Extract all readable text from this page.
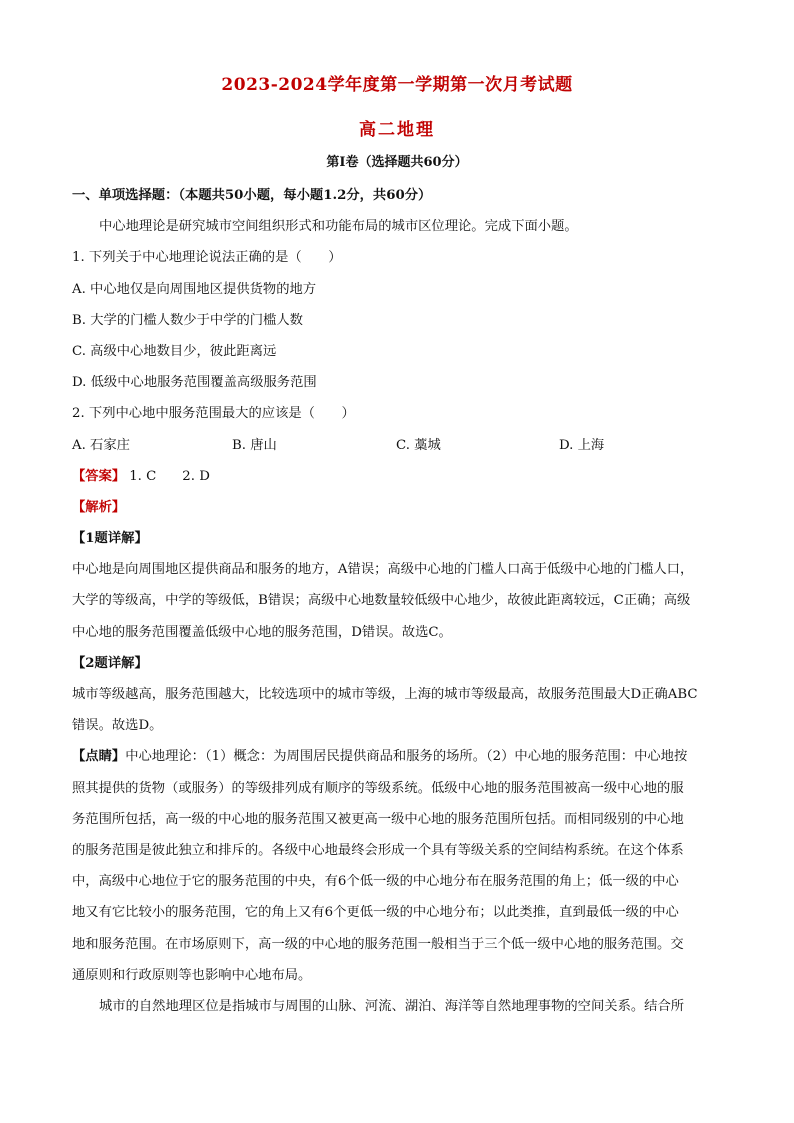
2023-2024学年度第一学期第一次月考试题
高二地理
第Ⅰ卷（选择题共60分）
一、单项选择题：（本题共50小题，每小题1.2分，共60分）
中心地理论是研究城市空间组织形式和功能布局的城市区位理论。完成下面小题。
1. 下列关于中心地理论说法正确的是（　　）
A. 中心地仅是向周围地区提供货物的地方
B. 大学的门槛人数少于中学的门槛人数
C. 高级中心地数目少，彼此距离远
D. 低级中心地服务范围覆盖高级服务范围
2. 下列中心地中服务范围最大的应该是（　　）
A. 石家庄	B. 唐山	C. 藁城	D. 上海
【答案】 1. C 2. D
【解析】
【1题详解】
中心地是向周围地区提供商品和服务的地方，A错误；高级中心地的门槛人口高于低级中心地的门槛人口，
大学的等级高，中学的等级低，B错误；高级中心地数量较低级中心地少，故彼此距离较远，C正确；高级
中心地的服务范围覆盖低级中心地的服务范围，D错误。故选C。
【2题详解】
城市等级越高，服务范围越大，比较选项中的城市等级，上海的城市等级最高，故服务范围最大D正确ABC
错误。故选D。
【点睛】中心地理论：（1）概念：为周围居民提供商品和服务的场所。（2）中心地的服务范围：中心地按
照其提供的货物（或服务）的等级排列成有顺序的等级系统。低级中心地的服务范围被高一级中心地的服
务范围所包括，高一级的中心地的服务范围又被更高一级中心地的服务范围所包括。而相同级别的中心地
的服务范围是彼此独立和排斥的。各级中心地最终会形成一个具有等级关系的空间结构系统。在这个体系
中，高级中心地位于它的服务范围的中央，有6个低一级的中心地分布在服务范围的角上；低一级的中心
地又有它比较小的服务范围，它的角上又有6个更低一级的中心地分布；以此类推，直到最低一级的中心
地和服务范围。在市场原则下，高一级的中心地的服务范围一般相当于三个低一级中心地的服务范围。交
通原则和行政原则等也影响中心地布局。
城市的自然地理区位是指城市与周围的山脉、河流、湖泊、海洋等自然地理事物的空间关系。结合所
